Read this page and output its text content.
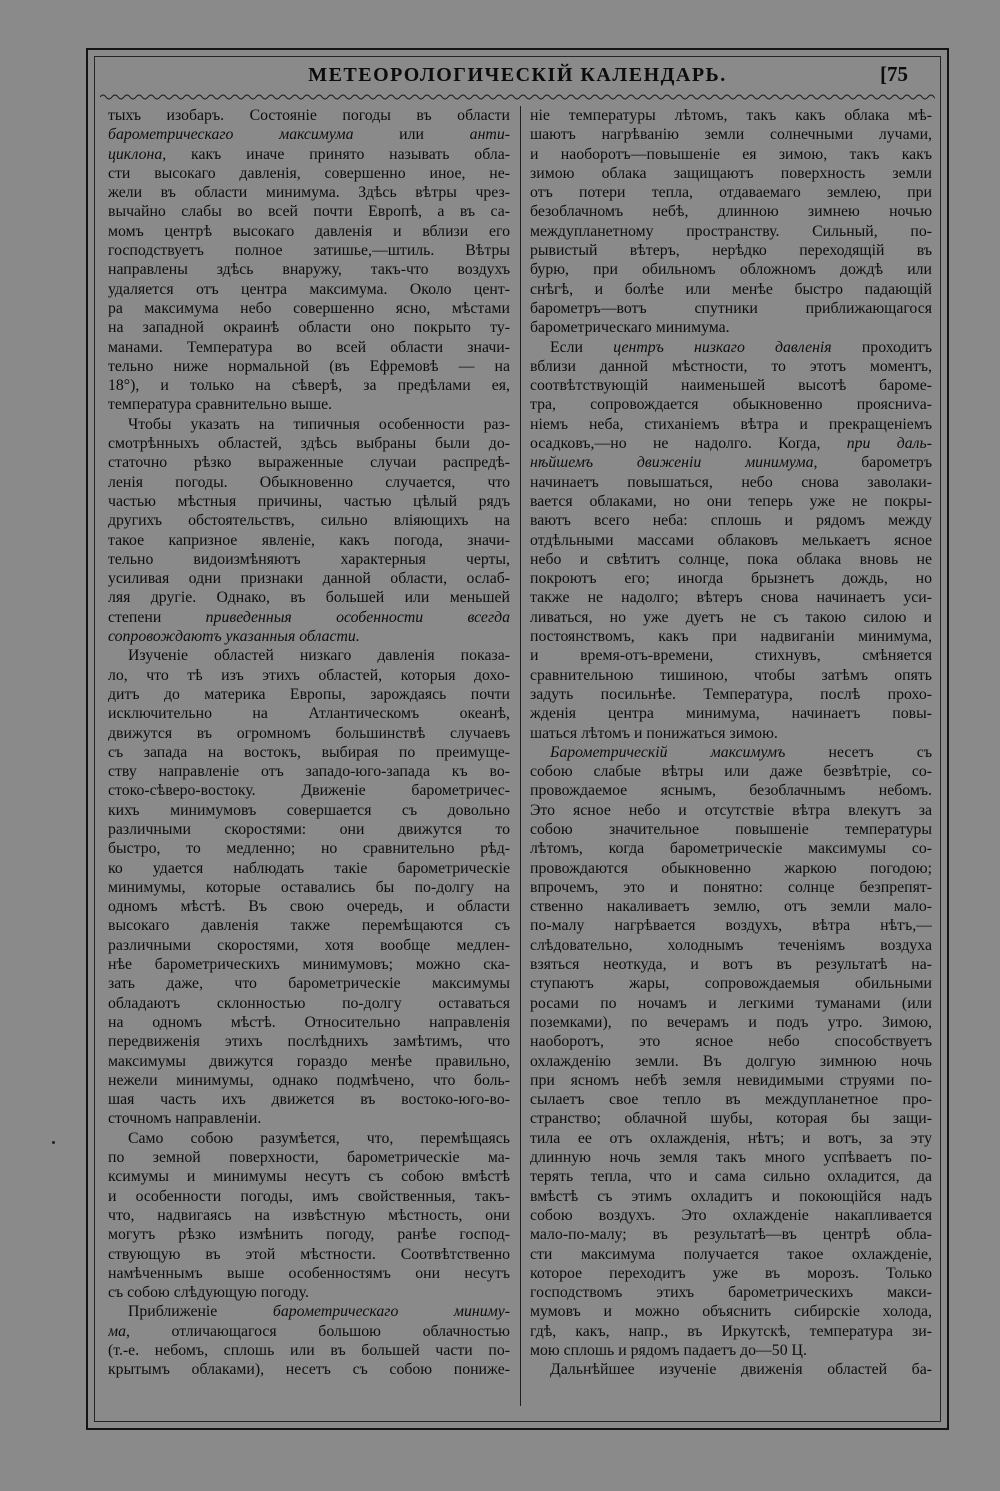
МЕТЕОРОЛОГИЧЕСКІЙ КАЛЕНДАРЬ.	[75
тыхъ изобаръ. Состояніе погоды въ области
барометрическаго максимума или анти-
циклона, какъ иначе принято называть обла-
сти высокаго давленія, совершенно иное, не-
жели въ области минимума. Здѣсь вѣтры чрез-
вычайно слабы во всей почти Европѣ, а въ са-
момъ центрѣ высокаго давленія и вблизи его
господствуетъ полное затишье,—штиль. Вѣтры
направлены здѣсь внаружу, такъ-что воздухъ
удаляется отъ центра максимума. Около цент-
ра максимума небо совершенно ясно, мѣстами
на западной окраинѣ области оно покрыто ту-
манами. Температура во всей области значи-
тельно ниже нормальной (въ Ефремовѣ — на
18°), и только на сѣверѣ, за предѣлами ея,
температура сравнительно выше.
Чтобы указать на типичныя особенности раз-
смотрѣнныхъ областей, здѣсь выбраны были до-
статочно рѣзко выраженные случаи распредѣ-
ленія погоды. Обыкновенно случается, что
частью мѣстныя причины, частью цѣлый рядъ
другихъ обстоятельствъ, сильно вліяющихъ на
такое капризное явленіе, какъ погода, значи-
тельно видоизмѣняютъ характерныя черты,
усиливая одни признаки данной области, ослаб-
ляя другіе. Однако, въ большей или меньшей
степени приведенныя особенности всегда
сопровождаютъ указанныя области.
Изученіе областей низкаго давленія показа-
ло, что тѣ изъ этихъ областей, которыя дохо-
дитъ до материка Европы, зарождаясь почти
исключительно на Атлантическомъ океанѣ,
движутся въ огромномъ большинствѣ случаевъ
съ запада на востокъ, выбирая по преимуще-
ству направленіе отъ западо-юго-запада къ во-
стоко-сѣверо-востоку. Движеніе барометричес-
кихъ минимумовъ совершается съ довольно
различными скоростями: они движутся то
быстро, то медленно; но сравнительно рѣд-
ко удается наблюдать такіе барометрическіе
минимумы, которые оставались бы по-долгу на
одномъ мѣстѣ. Въ свою очередь, и области
высокаго давленія также перемѣщаются съ
различными скоростями, хотя вообще медлен-
нѣе барометрическихъ минимумовъ; можно ска-
зать даже, что барометрическіе максимумы
обладаютъ склонностью по-долгу оставаться
на одномъ мѣстѣ. Относительно направленія
передвиженія этихъ послѣднихъ замѣтимъ, что
максимумы движутся гораздо менѣе правильно,
нежели минимумы, однако подмѣчено, что боль-
шая часть ихъ движется въ востоко-юго-во-
сточномъ направленіи.
Само собою разумѣется, что, перемѣщаясь
по земной поверхности, барометрическіе ма-
ксимумы и минимумы несутъ съ собою вмѣстѣ
и особенности погоды, имъ свойственныя, такъ-
что, надвигаясь на извѣстную мѣстность, они
могутъ рѣзко измѣнить погоду, ранѣе господ-
ствующую въ этой мѣстности. Соотвѣтственно
намѣченнымъ выше особенностямъ они несутъ
съ собою слѣдующую погоду.
Приближеніе барометрическаго миниму-
ма, отличающагося большою облачностью
(т.-е. небомъ, сплошь или въ большей части по-
крытымъ облаками), несетъ съ собою пониже-
ніе температуры лѣтомъ, такъ какъ облака мѣ-
шаютъ нагрѣванію земли солнечными лучами,
и наоборотъ—повышеніе ея зимою, такъ какъ
зимою облака защищаютъ поверхность земли
отъ потери тепла, отдаваемаго землею, при
безоблачномъ небѣ, длинною зимнею ночью
междупланетному пространству. Сильный, по-
рывистый вѣтеръ, нерѣдко переходящій въ
бурю, при обильномъ обложномъ дождѣ или
снѣгѣ, и болѣе или менѣе быстро падающій
барометръ—вотъ спутники приближающагося
барометрическаго минимума.
Если центръ низкаго давленія проходитъ
вблизи данной мѣстности, то этотъ моментъ,
соотвѣтствующій наименьшей высотѣ бароме-
тра, сопровождается обыкновенно проясниva-
ніемъ неба, стиханіемъ вѣтра и прекращеніемъ
осадковъ,—но не надолго. Когда, при даль-
нѣйшемъ движеніи минимума, барометръ
начинаетъ повышаться, небо снова заволаки-
вается облаками, но они теперь уже не покры-
ваютъ всего неба: сплошь и рядомъ между
отдѣльными массами облаковъ мелькаетъ ясное
небо и свѣтитъ солнце, пока облака вновь не
покроютъ его; иногда брызнетъ дождь, но
также не надолго; вѣтеръ снова начинаетъ уси-
ливаться, но уже дуетъ не съ такою силою и
постоянствомъ, какъ при надвиганіи минимума,
и время-отъ-времени, стихнувъ, смѣняется
сравнительною тишиною, чтобы затѣмъ опять
задуть посильнѣе. Температура, послѣ прохо-
жденія центра минимума, начинаетъ повы-
шаться лѣтомъ и понижаться зимою.
Барометрическій максимумъ несетъ съ
собою слабые вѣтры или даже безвѣтріе, со-
провождаемое яснымъ, безоблачнымъ небомъ.
Это ясное небо и отсутствіе вѣтра влекутъ за
собою значительное повышеніе температуры
лѣтомъ, когда барометрическіе максимумы со-
провождаются обыкновенно жаркою погодою;
впрочемъ, это и понятно: солнце безпрепят-
ственно накаливаетъ землю, отъ земли мало-
по-малу нагрѣвается воздухъ, вѣтра нѣтъ,—
слѣдовательно, холоднымъ теченіямъ воздуха
взяться неоткуда, и вотъ въ результатѣ на-
ступаютъ жары, сопровождаемыя обильными
росами по ночамъ и легкими туманами (или
поземками), по вечерамъ и подъ утро. Зимою,
наоборотъ, это ясное небо способствуетъ
охлажденію земли. Въ долгую зимнюю ночь
при ясномъ небѣ земля невидимыми струями по-
сылаетъ свое тепло въ междупланетное про-
странство; облачной шубы, которая бы защи-
тила ее отъ охлажденія, нѣтъ; и вотъ, за эту
длинную ночь земля такъ много успѣваетъ по-
терять тепла, что и сама сильно охладится, да
вмѣстѣ съ этимъ охладитъ и покоющійся надъ
собою воздухъ. Это охлажденіе накапливается
мало-по-малу; въ результатѣ—въ центрѣ обла-
сти максимума получается такое охлажденіе,
которое переходитъ уже въ морозъ. Только
господствомъ этихъ барометрическихъ макси-
мумовъ и можно объяснить сибирскіе холода,
гдѣ, какъ, напр., въ Иркутскѣ, температура зи-
мою сплошь и рядомъ падаетъ до—50 Ц.
Дальнѣйшее изученіе движенія областей ба-
